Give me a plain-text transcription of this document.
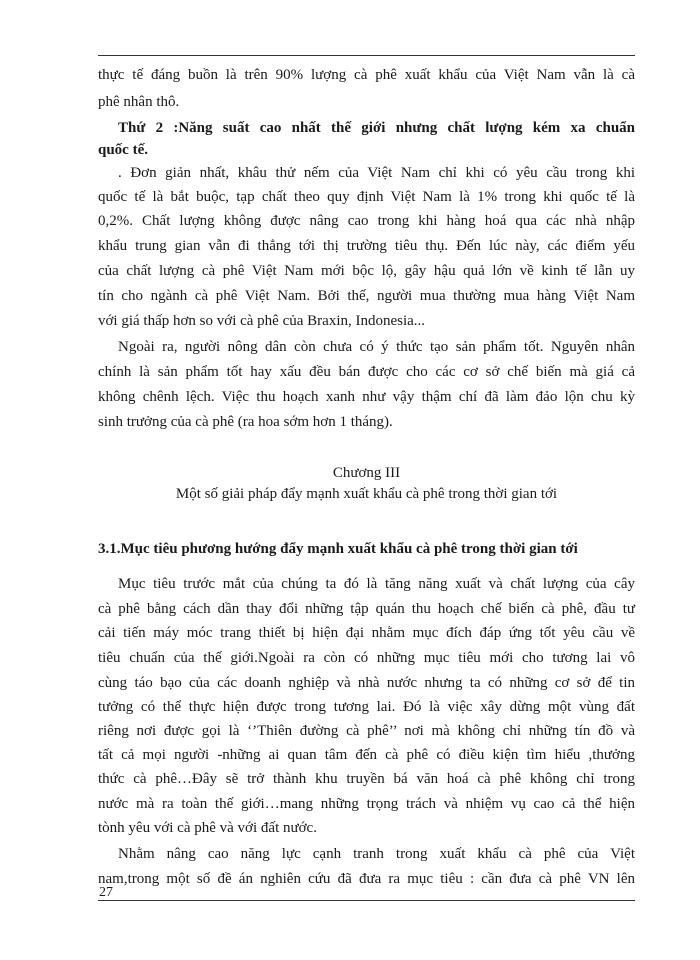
thực tế đáng buồn là trên 90% lượng cà phê xuất khẩu của Việt Nam vẫn là cà
phê nhân thô.
Thứ 2 :Năng suất cao nhất thế giới nhưng chất lượng kém xa chuẩn
quốc tế.
. Đơn giản nhất, khâu thử nếm của Việt Nam chỉ khi có yêu cầu trong khi
quốc tế là bắt buộc, tạp chất theo quy định Việt Nam là 1% trong khi quốc tế là
0,2%. Chất lượng không được nâng cao trong khi hàng hoá qua các nhà nhập
khẩu trung gian vẫn đi thẳng tới thị trường tiêu thụ. Đến lúc này, các điểm yếu
của chất lượng cà phê Việt Nam mới bộc lộ, gây hậu quả lớn về kinh tế lẫn uy
tín cho ngành cà phê Việt Nam. Bởi thế, người mua thường mua hàng Việt Nam
với giá thấp hơn so với cà phê của Braxin, Indonesia...
Ngoài ra, người nông dân còn chưa có ý thức tạo sản phẩm tốt. Nguyên nhân
chính là sản phẩm tốt hay xấu đều bán được cho các cơ sở chế biến mà giá cả
không chênh lệch. Việc thu hoạch xanh như vậy thậm chí đã làm đảo lộn chu kỳ
sinh trưởng của cà phê (ra hoa sớm hơn 1 tháng).
Chương III
Một số giải pháp đẩy mạnh xuất khẩu cà phê trong thời gian tới
3.1.Mục tiêu phương hướng đẩy mạnh xuất khẩu cà phê trong thời gian tới
Mục tiêu trước mắt của chúng ta đó là tăng năng xuất và chất lượng của cây
cà phê bằng cách dần thay đổi những tập quán thu hoạch chế biến cà phê, đầu tư
cải tiến máy móc trang thiết bị hiện đại nhằm mục đích đáp ứng tốt yêu cầu về
tiêu chuẩn của thế giới.Ngoài ra còn có những mục tiêu mới cho tương lai vô
cùng táo bạo của các doanh nghiệp và nhà nước nhưng ta có những cơ sở để tin
tưởng có thể thực hiện được trong tương lai. Đó là việc xây dừng một vùng đất
riêng nơi được gọi là ‘’Thiên đường cà phê’’ nơi mà không chỉ những tín đồ và
tất cả mọi người -những ai quan tâm đến cà phê có điều kiện tìm hiểu ,thưởng
thức cà phê…Đây sẽ trở thành khu truyền bá văn hoá cà phê không chỉ trong
nước mà ra toàn thế giới…mang những trọng trách và nhiệm vụ cao cả thể hiện
tònh yêu với cà phê và với đất nước.
Nhằm nâng cao năng lực cạnh tranh trong xuất khẩu cà phê của Việt
nam,trong một số đề án nghiên cứu đã đưa ra mục tiêu : cần đưa cà phê VN lên
27
